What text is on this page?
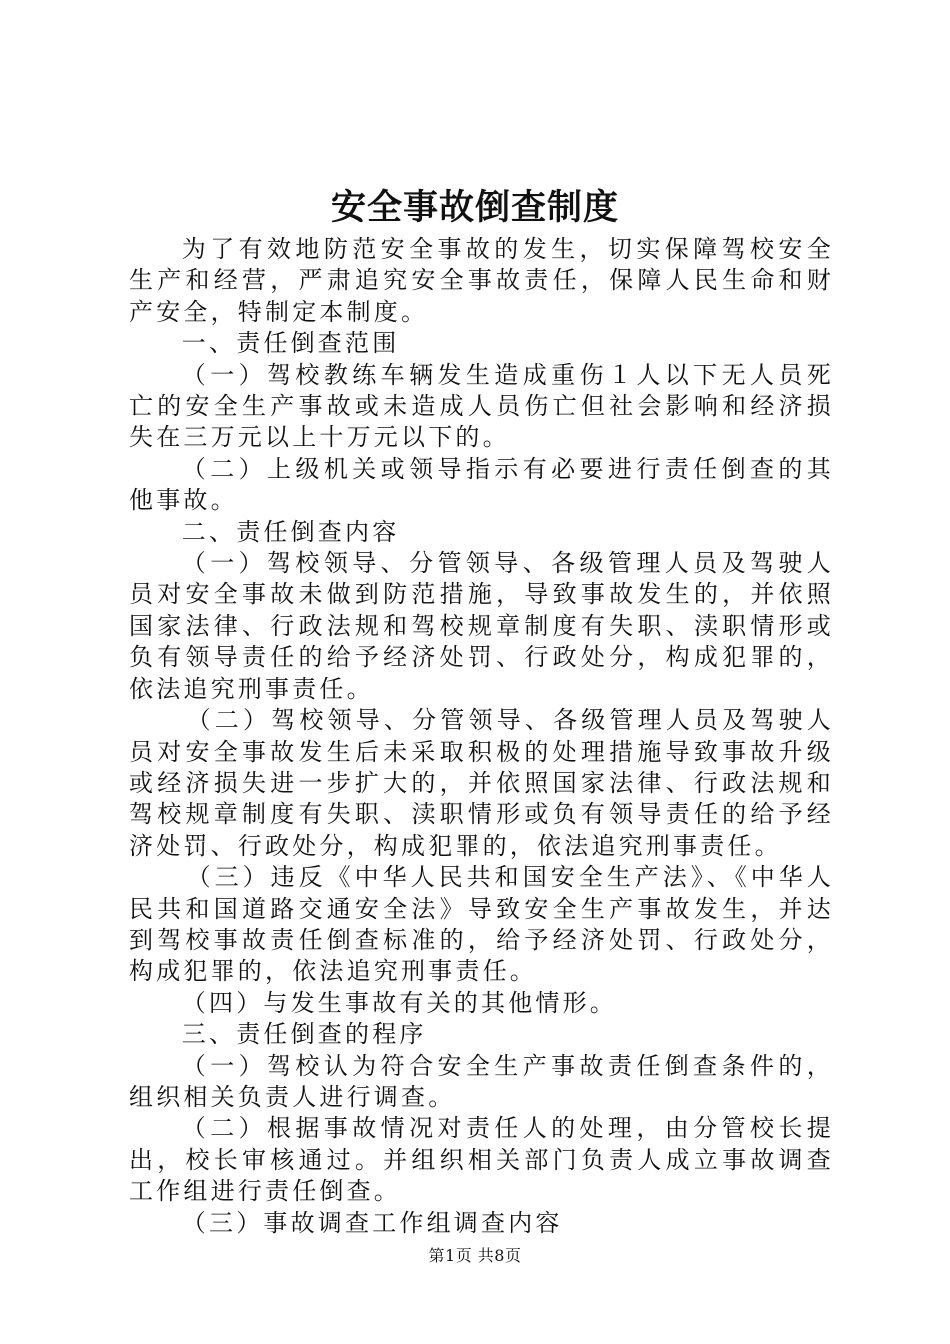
安全事故倒查制度

为了有效地防范安全事故的发生，切实保障驾校安全生产和经营，严肃追究安全事故责任，保障人民生命和财产安全，特制定本制度。

一、责任倒查范围

（一）驾校教练车辆发生造成重伤１人以下无人员死亡的安全生产事故或未造成人员伤亡但社会影响和经济损失在三万元以上十万元以下的。

（二）上级机关或领导指示有必要进行责任倒查的其他事故。

二、责任倒查内容

（一）驾校领导、分管领导、各级管理人员及驾驶人员对安全事故未做到防范措施，导致事故发生的，并依照国家法律、行政法规和驾校规章制度有失职、渎职情形或负有领导责任的给予经济处罚、行政处分，构成犯罪的，依法追究刑事责任。

（二）驾校领导、分管领导、各级管理人员及驾驶人员对安全事故发生后未采取积极的处理措施导致事故升级或经济损失进一步扩大的，并依照国家法律、行政法规和驾校规章制度有失职、渎职情形或负有领导责任的给予经济处罚、行政处分，构成犯罪的，依法追究刑事责任。

（三）违反《中华人民共和国安全生产法》、《中华人民共和国道路交通安全法》导致安全生产事故发生，并达到驾校事故责任倒查标准的，给予经济处罚、行政处分，构成犯罪的，依法追究刑事责任。

（四）与发生事故有关的其他情形。

三、责任倒查的程序

（一）驾校认为符合安全生产事故责任倒查条件的，组织相关负责人进行调查。

（二）根据事故情况对责任人的处理，由分管校长提出，校长审核通过。并组织相关部门负责人成立事故调查工作组进行责任倒查。

（三）事故调查工作组调查内容

第1页 共8页
